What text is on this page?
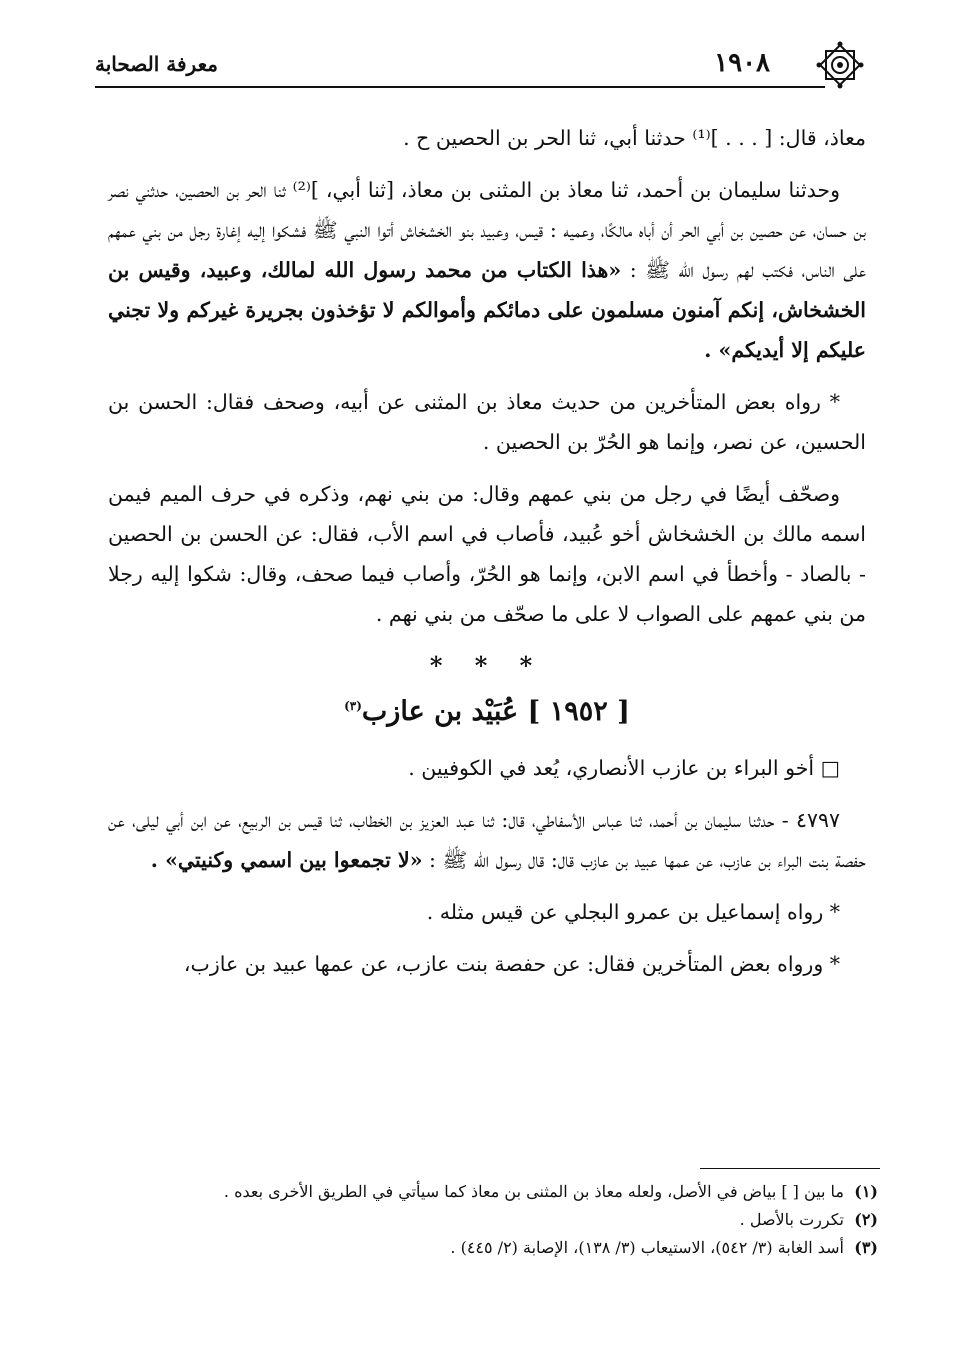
١٩٠٨
معرفة الصحابة

معاذ، قال: [ . . . ]⁽¹⁾ حدثنا أبي، ثنا الحر بن الحصين ح .

وحدثنا سليمان بن أحمد، ثنا معاذ بن المثنى بن معاذ، [ثنا أبي، ]⁽²⁾ ثنا الحر بن الحصين، حدثني نصر بن حسان، عن حصين بن أبي الحر أن أباه مالكًا، وعميه : قيس، وعبيد بنو الخشخاش أتوا النبي ﷺ فشكوا إليه إغارة رجل من بني عمهم على الناس، فكتب لهم رسول الله ﷺ : «هذا الكتاب من محمد رسول الله لمالك، وعبيد، وقيس بن الخشخاش، إنكم آمنون مسلمون على دمائكم وأموالكم لا تؤخذون بجريرة غيركم ولا تجني عليكم إلا أيديكم» .

* رواه بعض المتأخرين من حديث معاذ بن المثنى عن أبيه، وصحف فقال: الحسن بن الحسين، عن نصر، وإنما هو الحُرّ بن الحصين .

وصحّف أيضًا في رجل من بني عمهم وقال: من بني نهم، وذكره في حرف الميم فيمن اسمه مالك بن الخشخاش أخو عُبيد، فأصاب في اسم الأب، فقال: عن الحسن بن الحصين - بالصاد - وأخطأ في اسم الابن، وإنما هو الحُرّ، وأصاب فيما صحف، وقال: شكوا إليه رجلا من بني عمهم على الصواب لا على ما صحّف من بني نهم .

* * *
[ ١٩٥٢ ] عُبَيْد بن عازب$^{(٣)}$

□ أخو البراء بن عازب الأنصاري، يُعد في الكوفيين .

٤٧٩٧ - حدثنا سليمان بن أحمد، ثنا عباس الأسفاطي، قال: ثنا عبد العزيز بن الخطاب، ثنا قيس بن الربيع، عن ابن أبي ليلى، عن حفصة بنت البراء بن عازب، عن عمها عبيد بن عازب قال: قال رسول الله ﷺ : «لا تجمعوا بين اسمي وكنيتي» .

* رواه إسماعيل بن عمرو البجلي عن قيس مثله .

* ورواه بعض المتأخرين فقال: عن حفصة بنت عازب، عن عمها عبيد بن عازب،

(١)ما بين [ ] بياض في الأصل، ولعله معاذ بن المثنى بن معاذ كما سيأتي في الطريق الأخرى بعده .

(٢)تكررت بالأصل .

(٣)أسد الغابة (٣/ ٥٤٢)، الاستيعاب (٣/ ١٣٨)، الإصابة (٢/ ٤٤٥) .
